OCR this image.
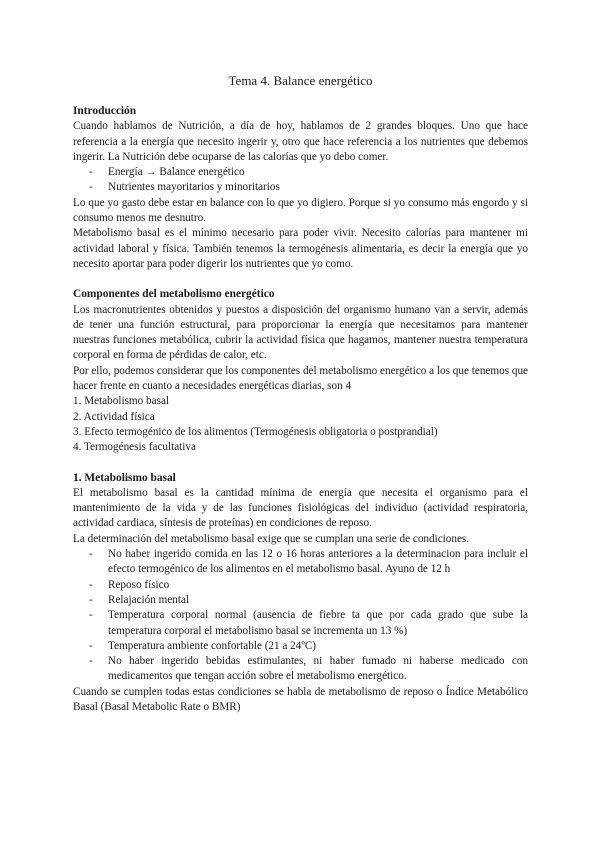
Tema 4. Balance energético
Introducción

Cuando hablamos de Nutrición, a día de hoy, hablamos de 2 grandes bloques. Uno que hace referencia a la energía que necesito ingerir y, otro que hace referencia a los nutrientes que debemos ingerir. La Nutrición debe ocuparse de las calorías que yo debo comer.

- Energía → Balance energético
- Nutrientes mayoritarios y minoritarios

Lo que yo gasto debe estar en balance con lo que yo digiero. Porque si yo consumo más engordo y si consumo menos me desnutro.

Metabolismo basal es el mínimo necesario para poder vivir. Necesito calorías para mantener mi actividad laboral y física. También tenemos la termogénesis alimentaria, es decir la energía que yo necesito aportar para poder digerir los nutrientes que yo como.

Componentes del metabolismo energético

Los macronutrientes obtenidos y puestos a disposición del organismo humano van a servir, además de tener una función estructural, para proporcionar la energía que necesitamos para mantener nuestras funciones metabólica, cubrir la actividad física que hagamos, mantener nuestra temperatura corporal en forma de pérdidas de calor, etc.

Por ello, podemos considerar que los componentes del metabolismo energético a los que tenemos que hacer frente en cuanto a necesidades energéticas diarias, son 4

1. Metabolismo basal

2. Actividad física

3. Efecto termogénico de los alimentos (Termogénesis obligatoria o postprandial)

4. Termogénesis facultativa

1. Metabolismo basal

El metabolismo basal es la cantidad mínima de energía que necesita el organismo para el mantenimiento de la vida y de las funciones fisiológicas del individuo (actividad respiratoria, actividad cardiaca, síntesis de proteínas) en condiciones de reposo.

La determinación del metabolismo basal exige que se cumplan una serie de condiciones.

- No haber ingerido comida en las 12 o 16 horas anteriores a la determinacion para incluir el efecto termogénico de los alimentos en el metabolismo basal. Ayuno de 12 h
- Reposo físico
- Relajación mental
- Temperatura corporal normal (ausencia de fiebre ta que por cada grado que sube la temperatura corporal el metabolismo basal se incrementa un 13 %)
- Temperatura ambiente confortable (21 a 24ºC)
- No haber ingerido bebidas estimulantes, ni haber fumado ni haberse medicado con medicamentos que tengan acción sobre el metabolismo energético.

Cuando se cumplen todas estas condiciones se habla de metabolismo de reposo o Índice Metabólico Basal (Basal Metabolic Rate o BMR)
